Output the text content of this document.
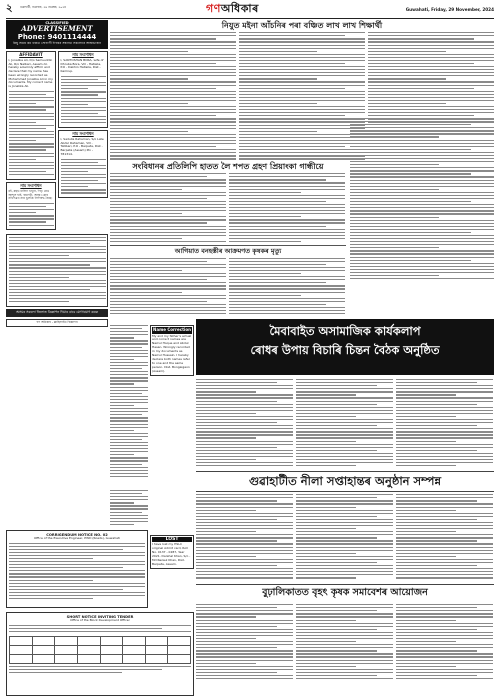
২ গুৱাহাটী, শুক্ৰবাৰ, ২৯ নৱেম্বৰ, ২০২৪	গণঅধিকাৰ	Guwahati, Friday, 29 November, 2024
CLASSIFIED
ADVERTISEMENT
Phone: 9401114444
কিছু সময়ে কম খৰচত সোণালী দিগন্তৰ সন্ধানত সকলোৰে আস্থাভাজন
AFFIDAVIT
I, Jonalika Ali, D/o Samsuddin Ali, R/o Nalbari, Assam do hereby solemnly affirm and declare that my name has been wrongly recorded as Mohammad Jonalika Ali in my documents. My correct name is Jonalika Ali.
নাম সংশোধন
মই, মছাঃ চাহিদা খাতুন, পিতৃ মোঃ আব্দুল হাই, বৰপেটা, অসম। মোৰ নথিপত্ৰত নাম ভুলকৈ লিপিবদ্ধ হৈছে।
নাম সংশোধন
I, SANTOSHAN BORA, wife of Dhruba Bora, Vill - Hatisila, P.O - Dakhin Hatisila, Dist - Kamrup.
নাম সংশোধন
I, Sadulla Rahaman, S/o Late Abdul Rahaman, Vill - Tatibari, P.O - Barpeta, Dist - Barpeta (Assam) Pin - 781314.
অসমৰ সকলো জিলাত বিজ্ঞাপন দিয়াৰ বাবে যোগাযোগ কৰক
গণ অধিকাৰ - ক্লাছিফাইড বিজ্ঞাপন
নিযুত মইনা আঁচনিৰ পৰা বঞ্চিত লাখ লাখ শিক্ষাৰ্থী
সংবিধানৰ প্ৰতিলিপি হাতত লৈ শপত গ্ৰহণ প্ৰিয়াংকা গান্ধীয়ে
আগিয়াত বনহস্তীৰ আক্ৰমণত কৃষকৰ মৃত্যু
Name Correction
My and my father's actual and correct names are Nazrul Hoque and Abdul Hasan. Wrongly recorded in my documents as Nazrul Hussain. I hereby declare both names refer to one and the same person. Dist. Bongaigaon (Assam).
মৈবাবাইত অসামাজিক কাৰ্যকলাপ
ৰোধৰ উপায় বিচাৰি চিন্তন বৈঠক অনুষ্ঠিত
গুৱাহাটীত নীলা সপ্তাহান্তৰ অনুষ্ঠান সম্পন্ন
বুঢ়ালিকাতত বৃহৎ কৃষক সমাবেশৰ আয়োজন
LOST
I have lost my HSLC original Admit card, Roll No. 0137 - 0287, Year 2021. Darshal Khan, S/o - Md Rezaul Khan, Dist. Barpeta, Assam.
CORRIGENDUM NOTICE NO. 02
Office of the Executive Engineer, PWD (Roads), Guwahati
SHORT NOTICE INVITING TENDER
Office of the Block Development Officer
